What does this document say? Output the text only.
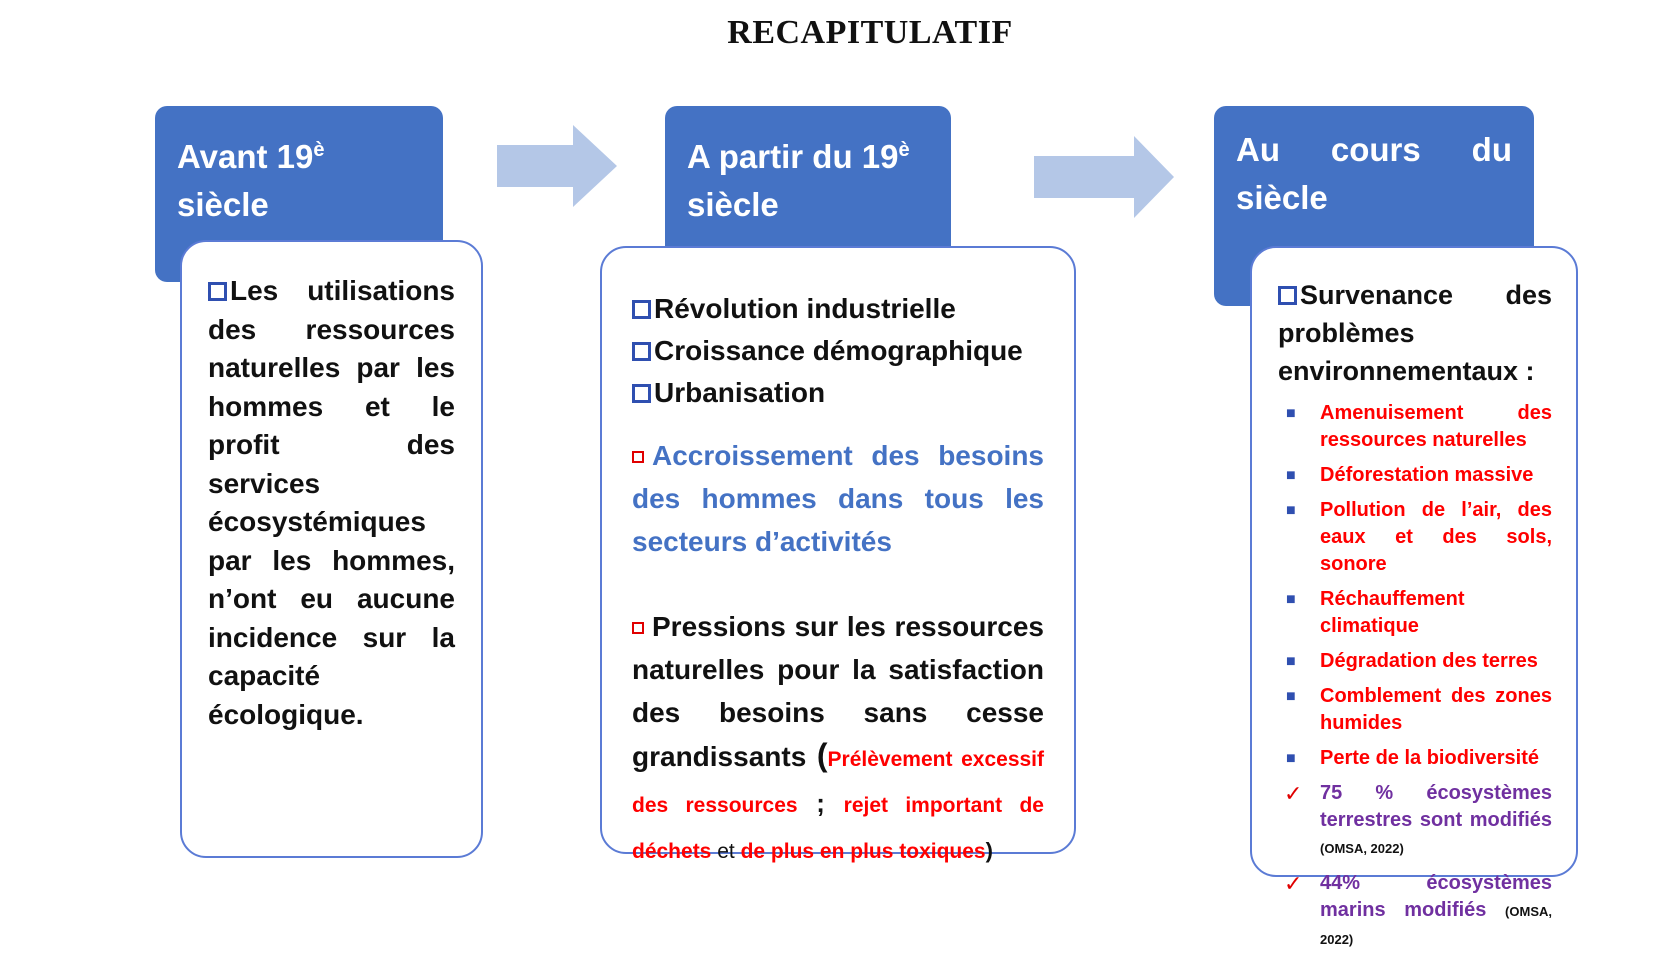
RECAPITULATIF
Avant $19^è$
siècle
Les utilisations des ressources naturelles par les hommes et le profit des services écosystémiques par les hommes, n’ont eu aucune incidence sur la capacité écologique.
A partir du $19^è$
siècle
Révolution industrielle
Croissance démographique
Urbanisation
Accroissement des besoins des hommes dans tous les secteurs d’activités
Pressions sur les ressources naturelles pour la satisfaction des besoins sans cesse grandissants (Prélèvement excessif des ressources ; rejet important de déchets et de plus en plus toxiques)
Au cours du
siècle
Survenance des problèmes environnementaux :
■ Amenuisement des ressources naturelles
■ Déforestation massive
■ Pollution de l’air, des eaux et des sols, sonore
■ Réchauffement climatique
■ Dégradation des terres
■ Comblement des zones humides
■ Perte de la biodiversité
✓ 75 % écosystèmes terrestres sont modifiés (OMSA, 2022)
✓ 44% écosystèmes marins modifiés (OMSA, 2022)
